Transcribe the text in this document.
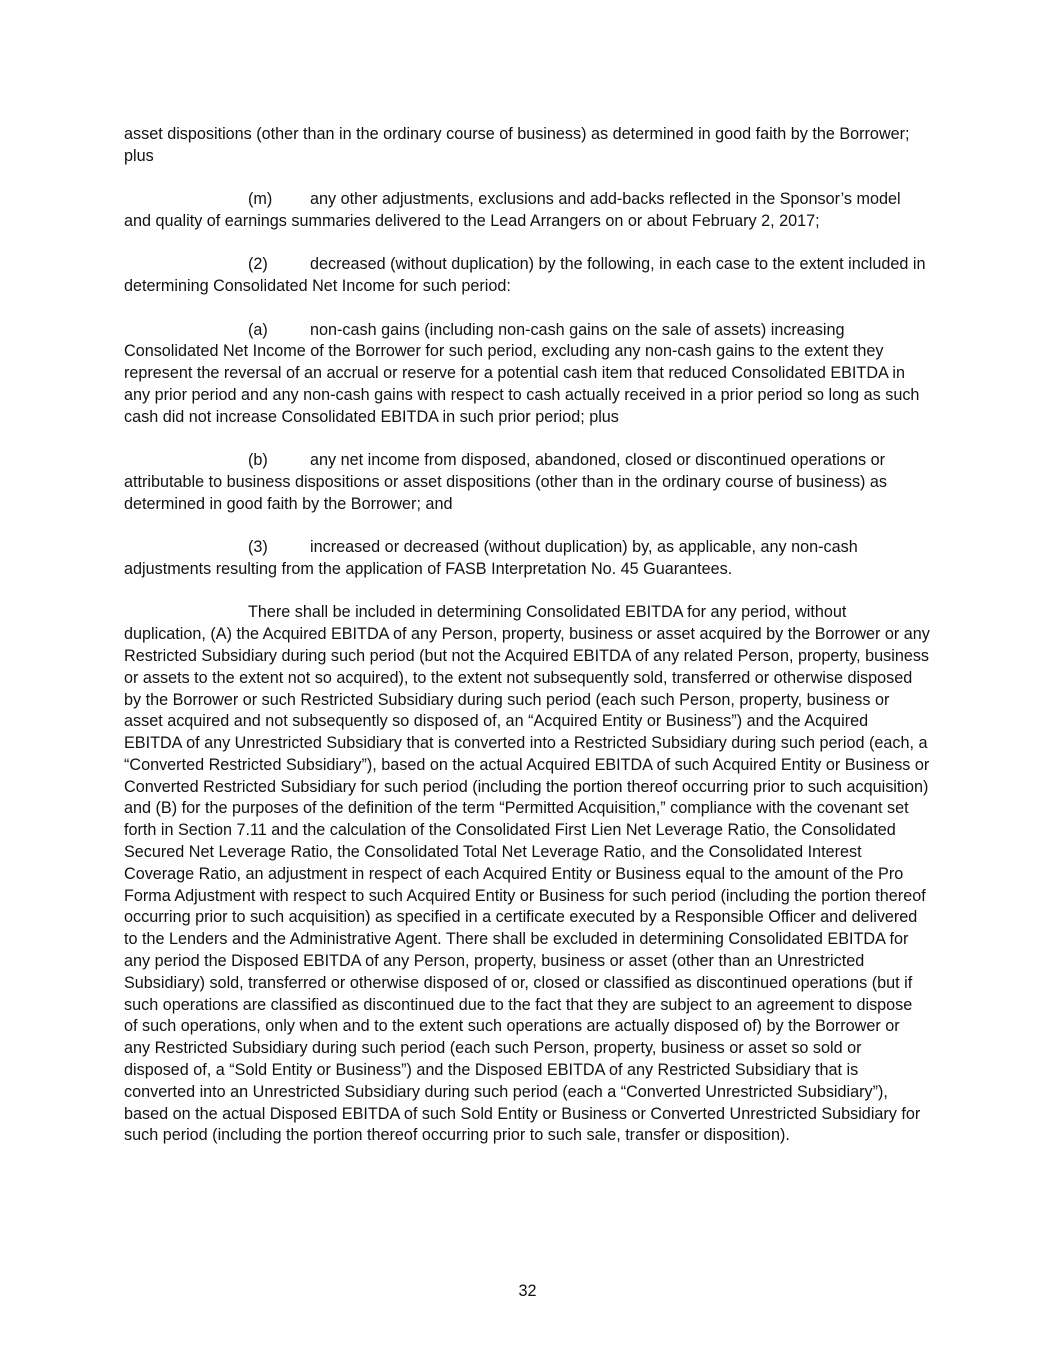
asset dispositions (other than in the ordinary course of business) as determined in good faith by the Borrower; plus

(m) any other adjustments, exclusions and add-backs reflected in the Sponsor’s model and quality of earnings summaries delivered to the Lead Arrangers on or about February 2, 2017;

(2)	decreased (without duplication) by the following, in each case to the extent included in determining Consolidated Net Income for such period:

(a)	non-cash gains (including non-cash gains on the sale of assets) increasing Consolidated Net Income of the Borrower for such period, excluding any non-cash gains to the extent they represent the reversal of an accrual or reserve for a potential cash item that reduced Consolidated EBITDA in any prior period and any non-cash gains with respect to cash actually received in a prior period so long as such cash did not increase Consolidated EBITDA in such prior period; plus

(b)	any net income from disposed, abandoned, closed or discontinued operations or attributable to business dispositions or asset dispositions (other than in the ordinary course of business) as determined in good faith by the Borrower; and

(3)	increased or decreased (without duplication) by, as applicable, any non-cash adjustments resulting from the application of FASB Interpretation No. 45 Guarantees.

There shall be included in determining Consolidated EBITDA for any period, without duplication, (A) the Acquired EBITDA of any Person, property, business or asset acquired by the Borrower or any Restricted Subsidiary during such period (but not the Acquired EBITDA of any related Person, property, business or assets to the extent not so acquired), to the extent not subsequently sold, transferred or otherwise disposed by the Borrower or such Restricted Subsidiary during such period (each such Person, property, business or asset acquired and not subsequently so disposed of, an “Acquired Entity or Business”) and the Acquired EBITDA of any Unrestricted Subsidiary that is converted into a Restricted Subsidiary during such period (each, a “Converted Restricted Subsidiary”), based on the actual Acquired EBITDA of such Acquired Entity or Business or Converted Restricted Subsidiary for such period (including the portion thereof occurring prior to such acquisition) and (B) for the purposes of the definition of the term “Permitted Acquisition,” compliance with the covenant set forth in Section 7.11 and the calculation of the Consolidated First Lien Net Leverage Ratio, the Consolidated Secured Net Leverage Ratio, the Consolidated Total Net Leverage Ratio, and the Consolidated Interest Coverage Ratio, an adjustment in respect of each Acquired Entity or Business equal to the amount of the Pro Forma Adjustment with respect to such Acquired Entity or Business for such period (including the portion thereof occurring prior to such acquisition) as specified in a certificate executed by a Responsible Officer and delivered to the Lenders and the Administrative Agent. There shall be excluded in determining Consolidated EBITDA for any period the Disposed EBITDA of any Person, property, business or asset (other than an Unrestricted Subsidiary) sold, transferred or otherwise disposed of or, closed or classified as discontinued operations (but if such operations are classified as discontinued due to the fact that they are subject to an agreement to dispose of such operations, only when and to the extent such operations are actually disposed of) by the Borrower or any Restricted Subsidiary during such period (each such Person, property, business or asset so sold or disposed of, a “Sold Entity or Business”) and the Disposed EBITDA of any Restricted Subsidiary that is converted into an Unrestricted Subsidiary during such period (each a “Converted Unrestricted Subsidiary”), based on the actual Disposed EBITDA of such Sold Entity or Business or Converted Unrestricted Subsidiary for such period (including the portion thereof occurring prior to such sale, transfer or disposition).

32
